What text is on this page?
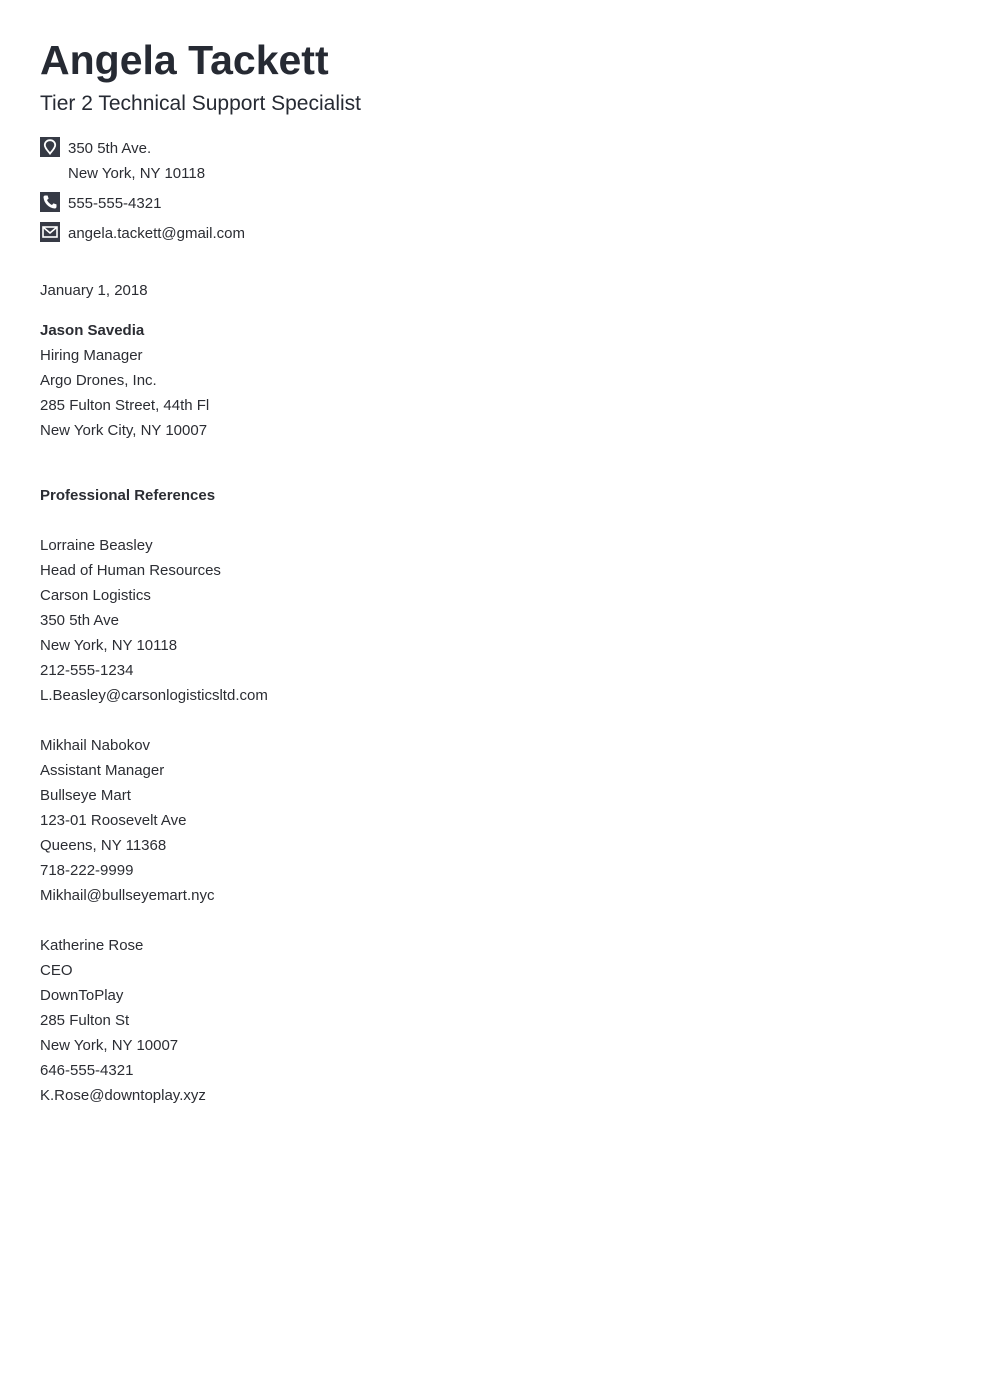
Angela Tackett
Tier 2 Technical Support Specialist
350 5th Ave.
New York, NY 10118
555-555-4321
angela.tackett@gmail.com
January 1, 2018
Jason Savedia
Hiring Manager
Argo Drones, Inc.
285 Fulton Street, 44th Fl
New York City, NY 10007
Professional References
Lorraine Beasley
Head of Human Resources
Carson Logistics
350 5th Ave
New York, NY 10118
212-555-1234
L.Beasley@carsonlogisticsltd.com
Mikhail Nabokov
Assistant Manager
Bullseye Mart
123-01 Roosevelt Ave
Queens, NY 11368
718-222-9999
Mikhail@bullseyemart.nyc
Katherine Rose
CEO
DownToPlay
285 Fulton St
New York, NY 10007
646-555-4321
K.Rose@downtoplay.xyz
